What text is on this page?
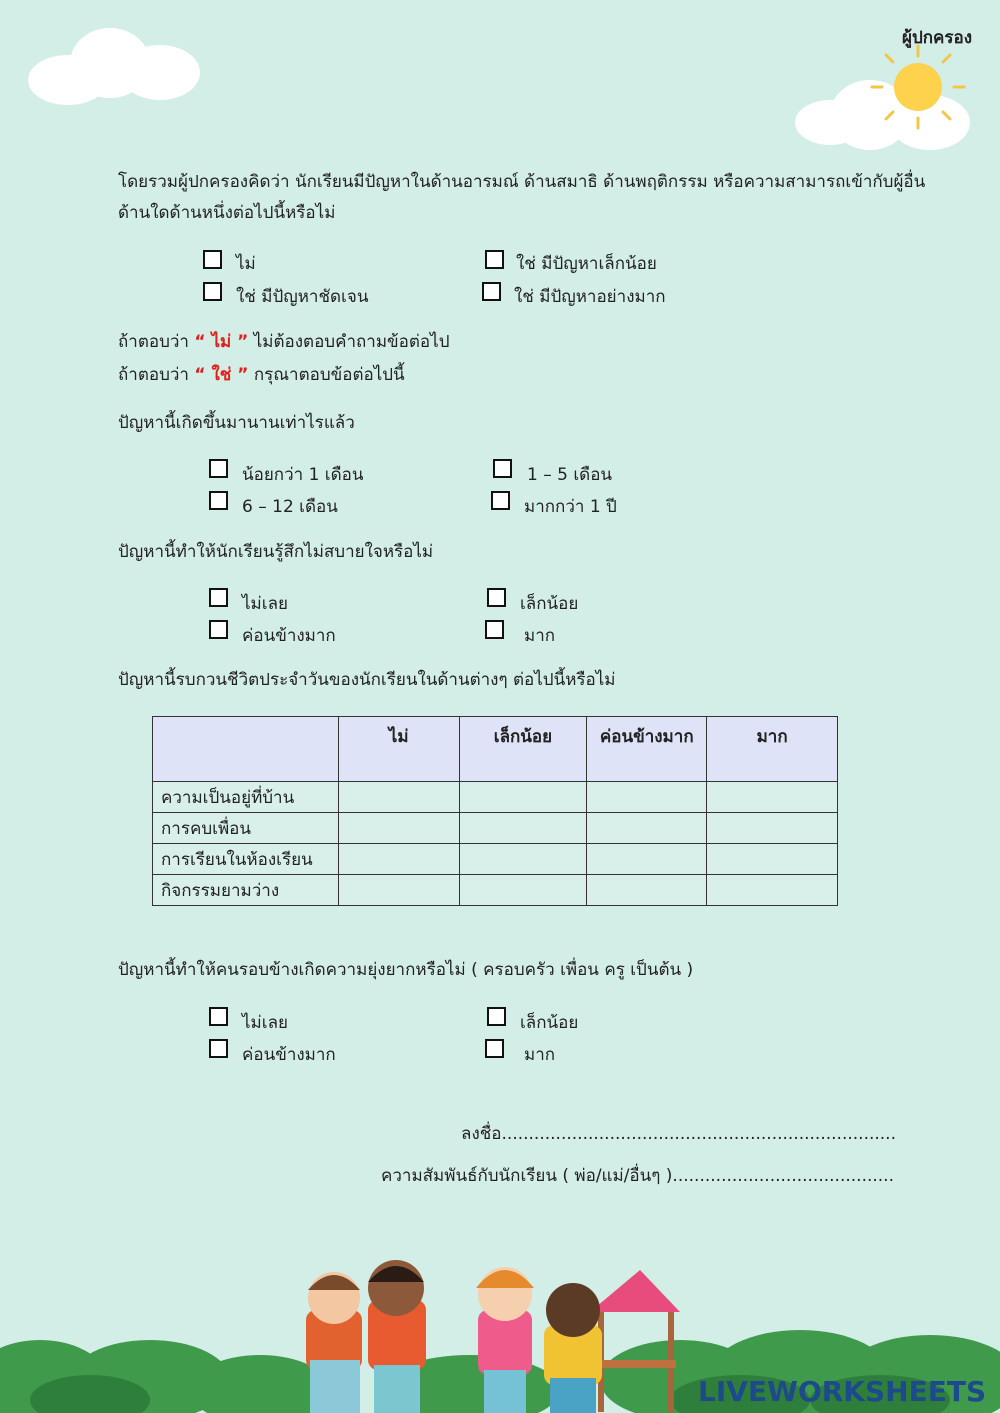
ผู้ปกครอง
โดยรวมผู้ปกครองคิดว่า นักเรียนมีปัญหาในด้านอารมณ์ ด้านสมาธิ ด้านพฤติกรรม หรือความสามารถเข้ากับผู้อื่น
ด้านใดด้านหนึ่งต่อไปนี้หรือไม่
ไม่	ใช่ มีปัญหาเล็กน้อย
ใช่ มีปัญหาชัดเจน	ใช่ มีปัญหาอย่างมาก
ถ้าตอบว่า “ ไม่ ” ไม่ต้องตอบคำถามข้อต่อไป
ถ้าตอบว่า “ ใช่ ” กรุณาตอบข้อต่อไปนี้
ปัญหานี้เกิดขึ้นมานานเท่าไรแล้ว
น้อยกว่า 1 เดือน	1 – 5 เดือน
6 – 12 เดือน	มากกว่า 1 ปี
ปัญหานี้ทำให้นักเรียนรู้สึกไม่สบายใจหรือไม่
ไม่เลย	เล็กน้อย
ค่อนข้างมาก	มาก
ปัญหานี้รบกวนชีวิตประจำวันของนักเรียนในด้านต่างๆ ต่อไปนี้หรือไม่
	ไม่	เล็กน้อย	ค่อนข้างมาก	มาก
ความเป็นอยู่ที่บ้าน				
การคบเพื่อน				
การเรียนในห้องเรียน				
กิจกรรมยามว่าง				
ปัญหานี้ทำให้คนรอบข้างเกิดความยุ่งยากหรือไม่ ( ครอบครัว เพื่อน ครู เป็นต้น )
ไม่เลย	เล็กน้อย
ค่อนข้างมาก	มาก
ลงชื่อ.........................................................................
ความสัมพันธ์กับนักเรียน ( พ่อ/แม่/อื่นๆ ).........................................
LIVEWORKSHEETS
